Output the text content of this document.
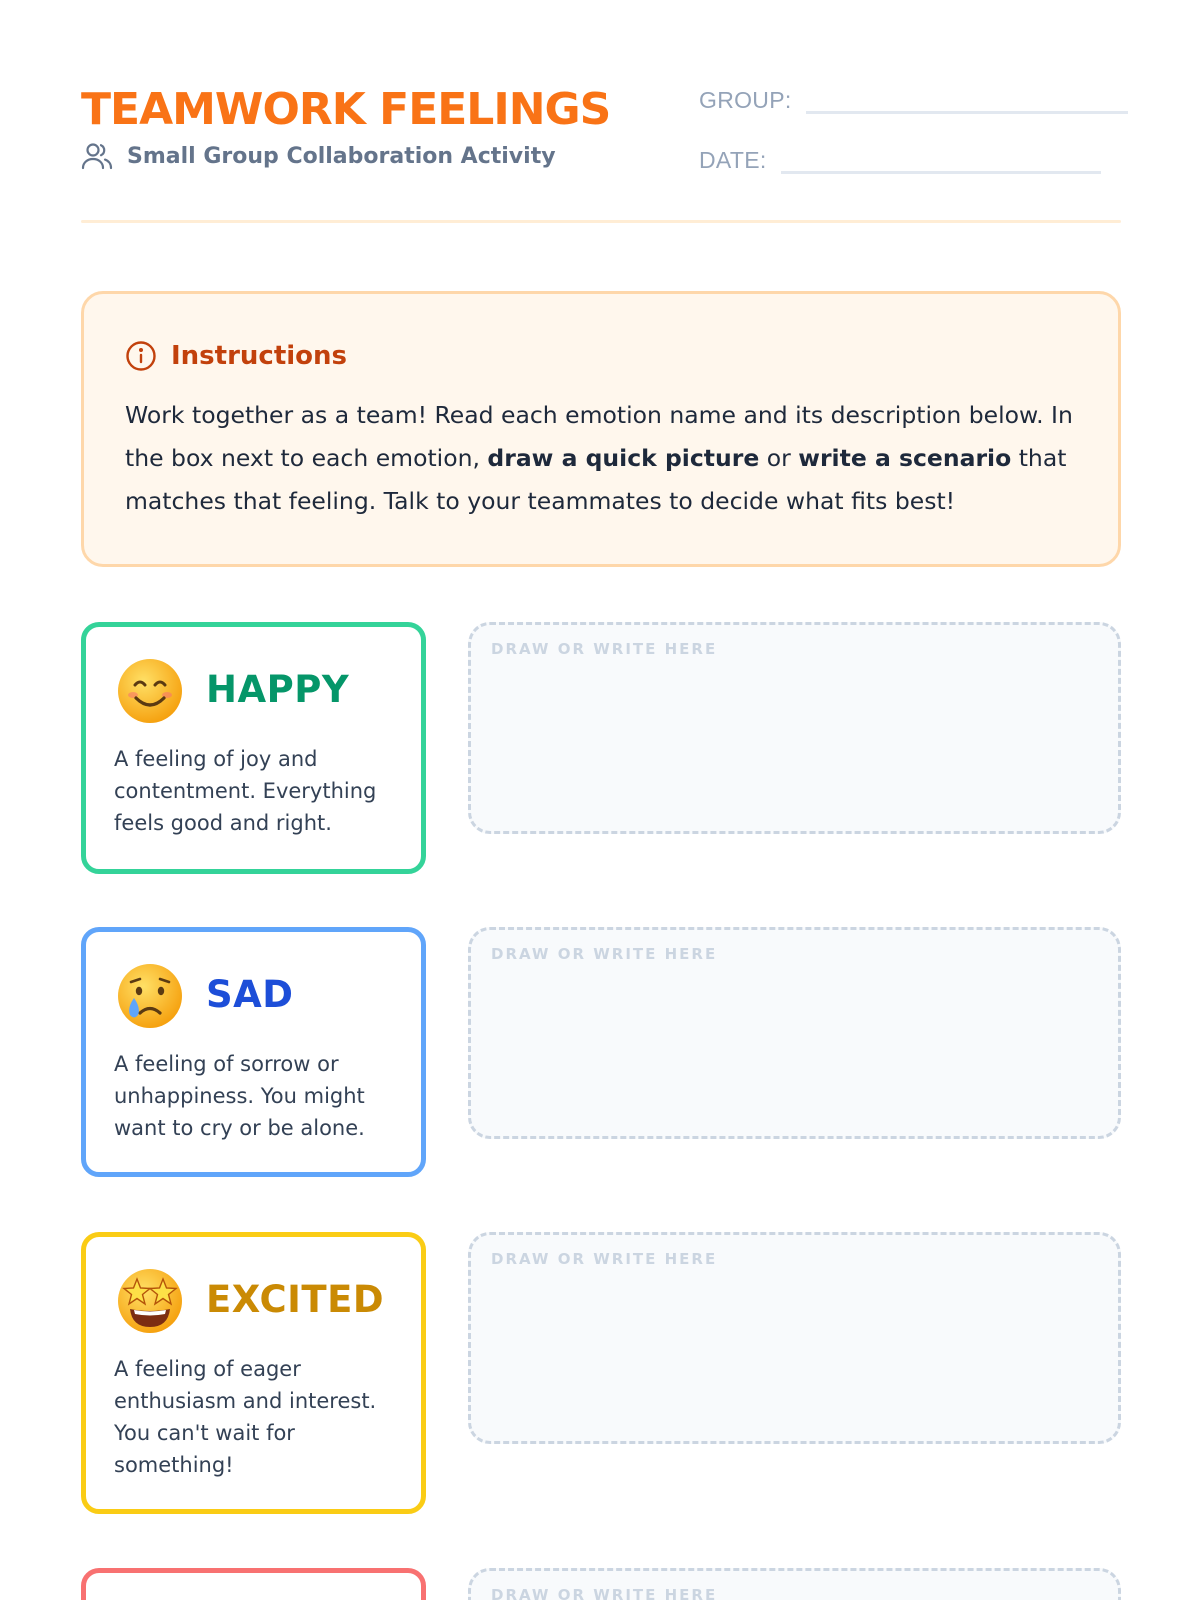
TEAMWORK FEELINGS
Small Group Collaboration Activity
GROUP:
DATE:
Instructions

Work together as a team! Read each emotion name and its description below. In the box next to each emotion, draw a quick picture or write a scenario that matches that feeling. Talk to your teammates to decide what fits best!

HAPPY
A feeling of joy and contentment. Everything feels good and right.
DRAW OR WRITE HERE
SAD
A feeling of sorrow or unhappiness. You might want to cry or be alone.
DRAW OR WRITE HERE
EXCITED
A feeling of eager enthusiasm and interest. You can't wait for something!
DRAW OR WRITE HERE
DRAW OR WRITE HERE
